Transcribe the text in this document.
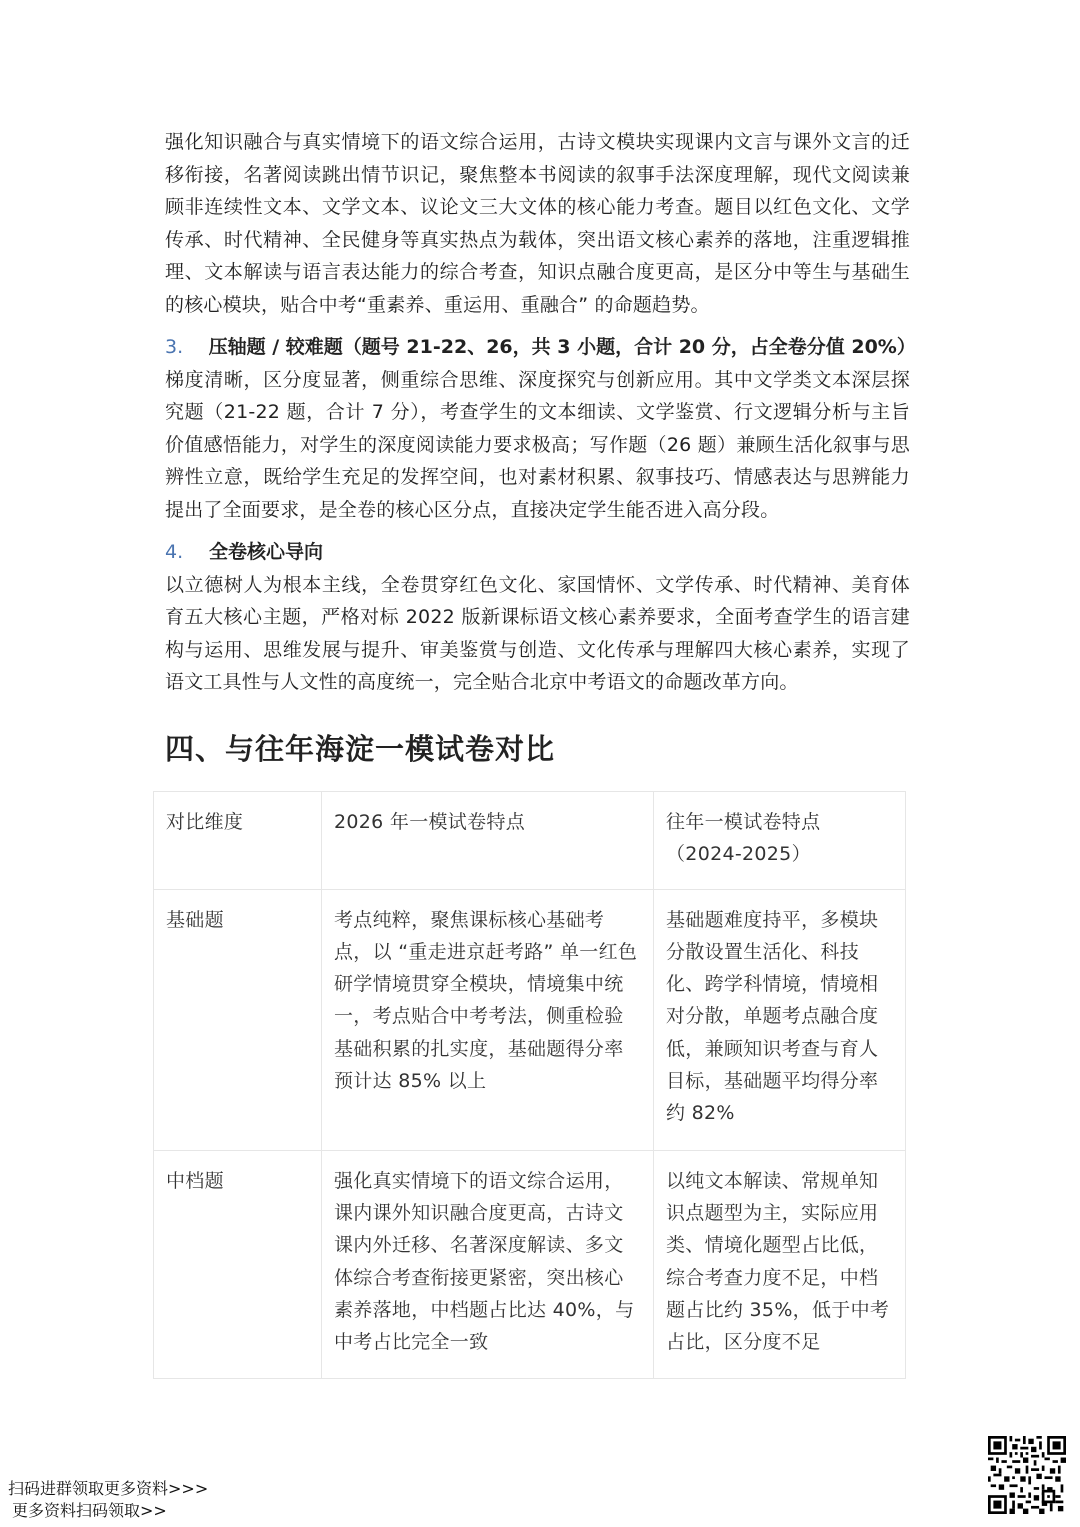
强化知识融合与真实情境下的语文综合运用，古诗文模块实现课内文言与课外文言的迁移衔接，名著阅读跳出情节识记，聚焦整本书阅读的叙事手法深度理解，现代文阅读兼顾非连续性文本、文学文本、议论文三大文体的核心能力考查。题目以红色文化、文学传承、时代精神、全民健身等真实热点为载体，突出语文核心素养的落地，注重逻辑推理、文本解读与语言表达能力的综合考查，知识点融合度更高，是区分中等生与基础生的核心模块，贴合中考“重素养、重运用、重融合” 的命题趋势。

3.	压轴题 / 较难题（题号 21-22、26，共 3 小题，合计 20 分，占全卷分值 20%）

梯度清晰，区分度显著，侧重综合思维、深度探究与创新应用。其中文学类文本深层探究题（21-22 题，合计 7 分），考查学生的文本细读、文学鉴赏、行文逻辑分析与主旨价值感悟能力，对学生的深度阅读能力要求极高；写作题（26 题）兼顾生活化叙事与思辨性立意，既给学生充足的发挥空间，也对素材积累、叙事技巧、情感表达与思辨能力提出了全面要求，是全卷的核心区分点，直接决定学生能否进入高分段。

4.	全卷核心导向

以立德树人为根本主线，全卷贯穿红色文化、家国情怀、文学传承、时代精神、美育体育五大核心主题，严格对标 2022 版新课标语文核心素养要求，全面考查学生的语言建构与运用、思维发展与提升、审美鉴赏与创造、文化传承与理解四大核心素养，实现了语文工具性与人文性的高度统一，完全贴合北京中考语文的命题改革方向。

四、与往年海淀一模试卷对比
对比维度	2026 年一模试卷特点	往年一模试卷特点（2024-2025）
基础题	考点纯粹，聚焦课标核心基础考点，以 “重走进京赶考路” 单一红色研学情境贯穿全模块，情境集中统一，考点贴合中考考法，侧重检验基础积累的扎实度，基础题得分率预计达 85% 以上	基础题难度持平，多模块分散设置生活化、科技化、跨学科情境，情境相对分散，单题考点融合度低，兼顾知识考查与育人目标，基础题平均得分率约 82%
中档题	强化真实情境下的语文综合运用，课内课外知识融合度更高，古诗文课内外迁移、名著深度解读、多文体综合考查衔接更紧密，突出核心素养落地，中档题占比达 40%，与中考占比完全一致	以纯文本解读、常规单知识点题型为主，实际应用类、情境化题型占比低，综合考查力度不足，中档题占比约 35%，低于中考占比，区分度不足
扫码进群领取更多资料>>>
更多资料扫码领取>>
